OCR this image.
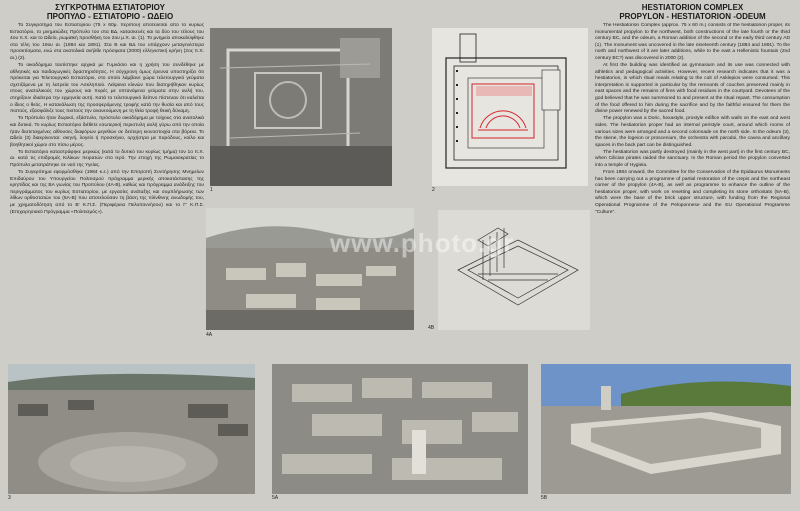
ΣΥΓΚΡΟΤΗΜΑ ΕΣΤΙΑΤΟΡΙΟΥ
ΠΡΟΠΥΛΟ - ΕΣΤΙΑΤΟΡΙΟ - ΩΔΕΙΟ
HESTIATORION COMPLEX
PROPYLON - HESTIATORION -ODEUM

Το Συγκρότημα του Εστιατορίου (75 x 60μ. περίπου) αποτελείται από το κυρίως Εστιατόριο, το μνημειώδες Πρόπυλο του στα ΒΔ, κατασκευές και τα δύο του τέλους του 4ου π.Χ. και το Ωδείο, ρωμαϊκή προσθήκη του 2ου μ.Χ. αι. (1). Το μνημείο αποκαλύφθηκε στα τέλη του 19ου αι. (1884 και 1891). Στα Β και ΒΔ του υπάρχουν μεταγενέστερα προσκτίσματα, ενώ στα ανατολικά ανήλθε πρόσφατα (2000) ελληνιστική κρήνη (2ος π.Χ. αι.) (2).

Το οικοδόμημα ταυτίστηκε αρχικά με Γυμνάσιο και η χρήση του συνδέθηκε με αθλητικές και παιδαγωγικές δραστηριότητες. Η σύγχρονη όμως έρευνα υποστηρίζει ότι πρόκειται για Τελετουργικό Εστιατόριο, στο οποίο λάμβανε χώρα τελετουργικό γεύματα σχετιζόμενα με τη λατρεία του Ασκληπιού. Λείψανα κλινών που διατηρήθηκαν κυρίως στους ανατολικούς του χώρους και πυρές με οπτανόμενα γεύματα στην αυλή του, στηρίζουν ιδιαίτερα την ερμηνεία αυτή. Κατά το τελετουργικό δείπνο πίστευαν ότι καλείται ο ίδιος ο θεός. Η κατανάλωση της προσφερόμενης τροφής κατά την θυσία και από τους πιστούς, εξασφάλιζε τους πιστούς την ανανεούμενη με τη θεία τροφή θεική δύναμη.

Το Πρόπυλο ήταν δωρικό, εξάστυλο, πρόστυλο οικοδόμημα με τοίχους στα ανατολικά και δυτικά. Το κυρίως Εστιατόριο διέθετε εσωτερική περιστυλη αυλή γύρω από την οποία ήταν διατεταγμένες αίθουσες διαφόρων μεγεθών σε δεύτερη κιονοστοιχία στα βόρεια. Το Ωδείο (3) διακρίνονται: σκηνή, λογείο ή προσκήνιο, ορχήστρα με παρόδους, κοίλο και βοηθητικοί χώροι στο πίσω μέρος.

Το Εστιατόριο καταστράφηκε μερικώς (κατά το δυτικό του κυρίως τμήμα) τον 1ο π.Χ. αι. κατά τις επιδρομές Κιλίκων πειρατών στο Ιερό. Την εποχή της Ρωμαιοκρατίας το Πρόπυλο μετατράπηκε σε ναό της Υγείας.

Το Συγκρότημα εφορμόσθηκε (1984 κ.ε.) από την Επιτροπή Συντήρησης Μνημείων Επιδαύρου του Υπουργείου Πολιτισμού πρόγραμμα μερικής αποκατάστασης της κρηπίδας και της ΒΑ γωνίας του Προπύλου (4Α-Β), καθώς και πρόγραμμα ανάδειξης του περιγράμματος του κυρίως Εστιατορίου, με εργασίες ανάταξης και συμπλήρωσης των λίθων ορθοστατών του (5Α-Β) που αποτελούσαν τη βάση της πλίνθινης ανωδομής του, με χρηματοδότηση από το Β' Κ.Π.Σ. (Περιφέρεια Πελοποννήσου) και το Γ' Κ.Π.Σ. (Επιχειρησιακό Πρόγραμμα «Πολιτισμός»).

The Hestiatorion Complex (approx. 75 x 60 m.) consists of the hestiatorion proper, its monumental propylon to the northwest, both constructions of the late fourth or the third century BC, and the odeum, a Roman addition of the second or the early third century AD (1). The monument was uncovered in the late nineteenth century (1884 and 1891). To the north and northwest of it are later additions, while to the east a Hellenistic fountain (2nd century BC?) was discovered in 2000 (2).

At first the building was identified as gymnasium and its use was connected with athletics and pedagogical activities. However, recent research indicates that it was a hestiatorion, in which ritual meals relating to the cult of Asklepios were consumed. This interpretation is supported in particular by the remnants of couches preserved mainly in east spaces and the remains of fires with food residues in the courtyard. Devotees of the god believed that he was summoned to and present at the ritual repast. The consumption of the food offered to him during the sacrifice and by the faithful ensured for them the divine power renewed by the sacred food.

The propylon was a Doric, hexastyle, prostyle edifice with walls on the east and west sides. The hestiatorion proper had an internal peristyle court, around which rooms of various sizes were arranged and a second colonnade on the north side. In the odeum (3), the skene, the logeion or proscenium, the orchestra with parodoi, the cavea and ancillary spaces in the back part can be distinguished.

The hestiatorion was partly destroyed (mainly in the west part) in the first century BC, when Cilician pirates raided the sanctuary. In the Roman period the propylon converted into a temple of Hygieia.

From 1984 onward, the Committee for the Conservation of the Epidaurus Monuments has been carrying out a programme of partial restoration of the crepis and the northeast corner of the propylon (4A-B), as well as programme to enhance the outline of the hestiatorion proper, with work on resetting and completing its stone orthostats (5A-B), which were the base of the brick upper structure, with funding from the Regional Operational Programme of the Peloponnese and the EU Operational Programme "Culture".

1	2
4A
4B
3	5A	5B
www.photo.gr
